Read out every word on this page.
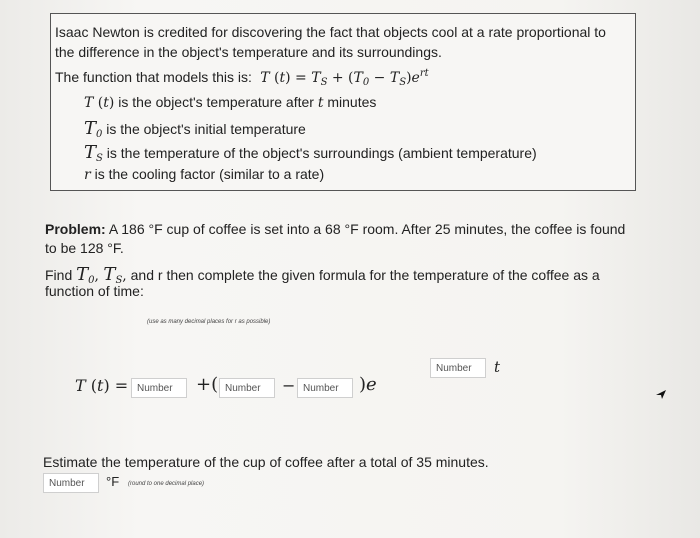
Isaac Newton is credited for discovering the fact that objects cool at a rate proportional to
the difference in the object's temperature and its surroundings.
The function that models this is:  T $(t) = T_S + (T_0 - T_S)e^{rt}$
T (t) is the object's temperature after t minutes
$T_0$ is the object's initial temperature
$T_S$ is the temperature of the object's surroundings (ambient temperature)
r is the cooling factor (similar to a rate)
Problem: A 186 °F cup of coffee is set into a 68 °F room. After 25 minutes, the coffee is found
to be 128 °F.
Find $T_0$, $T_S$, and r then complete the given formula for the temperature of the coffee as a
function of time:
(use as many decimal places for r as possible)
Number	t
T (t) = Number	+( Number	− Number	)e
Estimate the temperature of the cup of coffee after a total of 35 minutes.
Number	°F (round to one decimal place)
